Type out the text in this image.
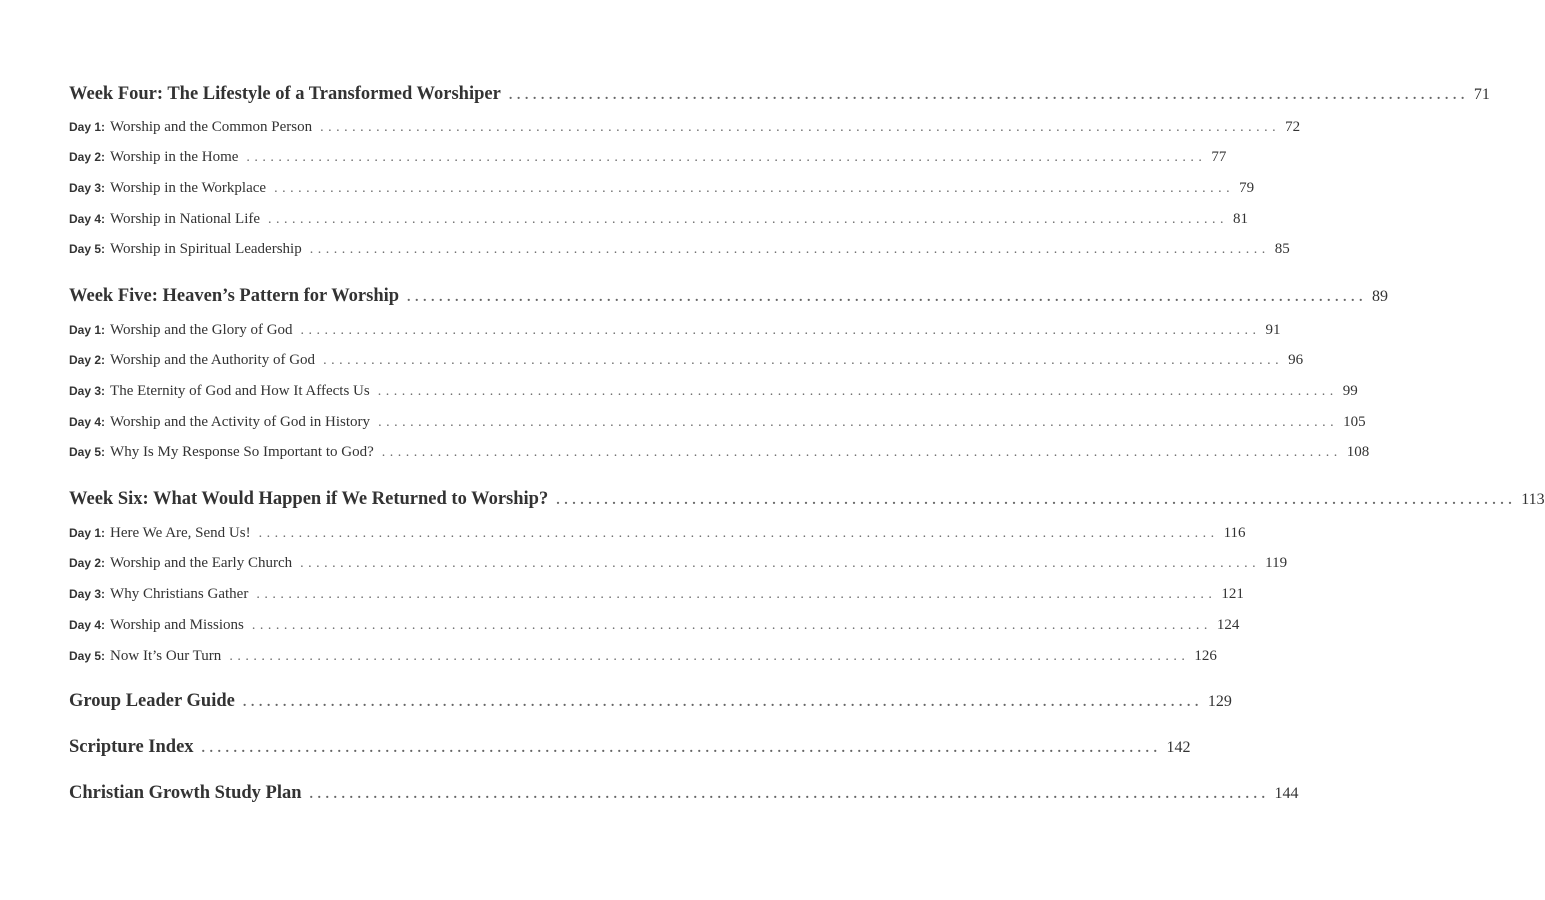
Week Four: The Lifestyle of a Transformed Worshiper ........................................................................................................................ 71
Day 1: Worship and the Common Person ........................................................................................................................ 72
Day 2: Worship in the Home ........................................................................................................................ 77
Day 3: Worship in the Workplace ........................................................................................................................ 79
Day 4: Worship in National Life ........................................................................................................................ 81
Day 5: Worship in Spiritual Leadership ........................................................................................................................ 85
Week Five: Heaven’s Pattern for Worship ........................................................................................................................ 89
Day 1: Worship and the Glory of God ........................................................................................................................ 91
Day 2: Worship and the Authority of God ........................................................................................................................ 96
Day 3: The Eternity of God and How It Affects Us ........................................................................................................................ 99
Day 4: Worship and the Activity of God in History ........................................................................................................................ 105
Day 5: Why Is My Response So Important to God? ........................................................................................................................ 108
Week Six: What Would Happen if We Returned to Worship? ........................................................................................................................ 113
Day 1: Here We Are, Send Us! ........................................................................................................................ 116
Day 2: Worship and the Early Church ........................................................................................................................ 119
Day 3: Why Christians Gather ........................................................................................................................ 121
Day 4: Worship and Missions ........................................................................................................................ 124
Day 5: Now It’s Our Turn ........................................................................................................................ 126
Group Leader Guide ........................................................................................................................ 129
Scripture Index ........................................................................................................................ 142
Christian Growth Study Plan ........................................................................................................................ 144
